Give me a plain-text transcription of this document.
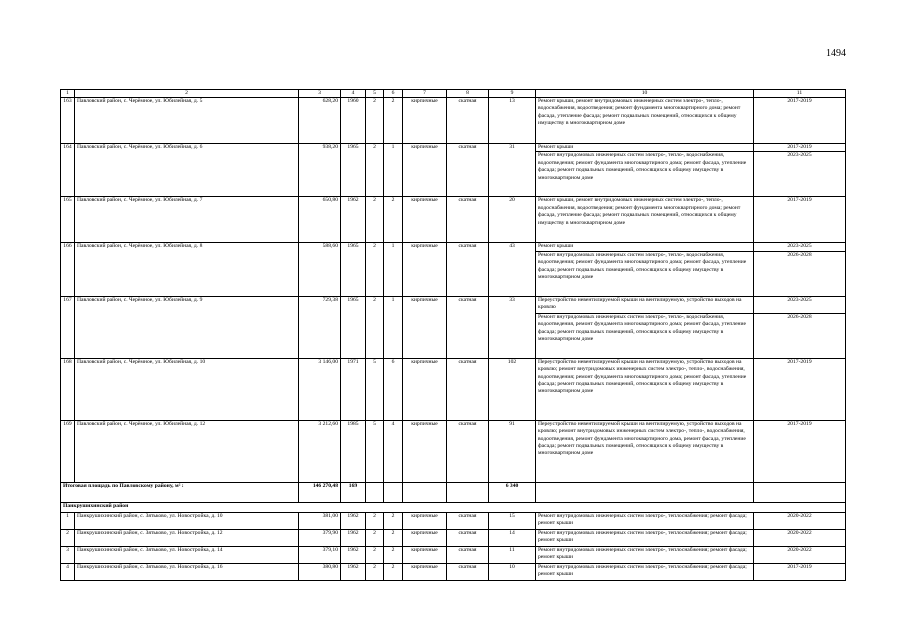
1494
1	2	3	4	5	6	7	8	9	10	11
163	Павловский район, с. Черёмное, ул. Юбилейная, д. 5	628,20	1960	2	2	кирпичные	скатная	13	Ремонт крыши, ремонт внутридомовых инженерных систем электро-, тепло-, водоснабжения, водоотведения; ремонт фундамента многоквартирного дома; ремонт фасада, утепление фасада; ремонт подвальных помещений, относящихся к общему имуществу в многоквартирном доме	2017-2019
164	Павловский район, с. Черёмное, ул. Юбилейная, д. 6	938,20	1965	2	1	кирпичные	скатная	31	Ремонт крыши	2017-2019
									Ремонт внутридомовых инженерных систем электро-, тепло-, водоснабжения, водоотведения; ремонт фундамента многоквартирного дома; ремонт фасада, утепление фасада; ремонт подвальных помещений, относящихся к общему имуществу в многоквартирном доме	2023-2025
165	Павловский район, с. Черёмное, ул. Юбилейная, д. 7	650,80	1962	2	2	кирпичные	скатная	20	Ремонт крыши, ремонт внутридомовых инженерных систем электро-, тепло-, водоснабжения, водоотведения; ремонт фундамента многоквартирного дома; ремонт фасада, утепление фасада; ремонт подвальных помещений, относящихся к общему имуществу в многоквартирном доме	2017-2019
166	Павловский район, с. Черёмное, ул. Юбилейная, д. 8	588,60	1965	2	1	кирпичные	скатная	43	Ремонт крыши	2023-2025
									Ремонт внутридомовых инженерных систем электро-, тепло-, водоснабжения, водоотведения; ремонт фундамента многоквартирного дома; ремонт фасада, утепление фасада; ремонт подвальных помещений, относящихся к общему имуществу в многоквартирном доме	2026-2028
167	Павловский район, с. Черёмное, ул. Юбилейная, д. 9	729,38	1965	2	1	кирпичные	скатная	33	Переустройство невентилируемой крыши на вентилируемую, устройство выходов на кровлю	2023-2025
									Ремонт внутридомовых инженерных систем электро-, тепло-, водоснабжения, водоотведения, ремонт фундамента многоквартирного дома; ремонт фасада, утепление фасада; ремонт подвальных помещений, относящихся к общему имуществу в многоквартирном доме	2026-2028
168	Павловский район, с. Черёмное, ул. Юбилейная, д. 10	3 146,00	1971	5	6	кирпичные	скатная	102	Переустройство невентилируемой крыши на вентилируемую, устройство выходов на кровлю; ремонт внутридомовых инженерных систем электро-, тепло-, водоснабжения, водоотведения; ремонт фундамента многоквартирного дома; ремонт фасада, утепление фасада; ремонт подвальных помещений, относящихся к общему имуществу в многоквартирном доме	2017-2019
169	Павловский район, с. Черёмное, ул. Юбилейная, д. 12	3 212,60	1985	5	4	кирпичные	скатная	91	Переустройство невентилируемой крыши на вентилируемую, устройство выходов на кровлю; ремонт внутридомовых инженерных систем электро-, тепло-, водоснабжения, водоотведения, ремонт фундамента многоквартирного дома, ремонт фасада, утепление фасада; ремонт подвальных помещений, относящихся к общему имуществу в многоквартирном доме	2017-2019
Итоговая площадь по Павловскому району, м² :		146 270,48	169					6 340		
Панкрушихинский район										
1	Панкрушихинский район, с. Зятьково, ул. Новостройка, д. 10	381,00	1962	2	2	кирпичные	скатная	15	Ремонт внутридомовых инженерных систем электро-, теплоснабжения; ремонт фасада; ремонт крыши	2020-2022
2	Панкрушихинский район, с. Зятьково, ул. Новостройка, д. 12	379,90	1962	2	2	кирпичные	скатная	14	Ремонт внутридомовых инженерных систем электро-, теплоснабжения; ремонт фасада; ремонт крыши	2020-2022
3	Панкрушихинский район, с. Зятьково, ул. Новостройка, д. 14	379,10	1962	2	2	кирпичные	скатная	11	Ремонт внутридомовых инженерных систем электро-, теплоснабжения; ремонт фасада; ремонт крыши	2020-2022
4	Панкрушихинский район, с. Зятьково, ул. Новостройка, д. 16	380,80	1962	2	2	кирпичные	скатная	10	Ремонт внутридомовых инженерных систем электро-, теплоснабжения; ремонт фасада; ремонт крыши	2017-2019
